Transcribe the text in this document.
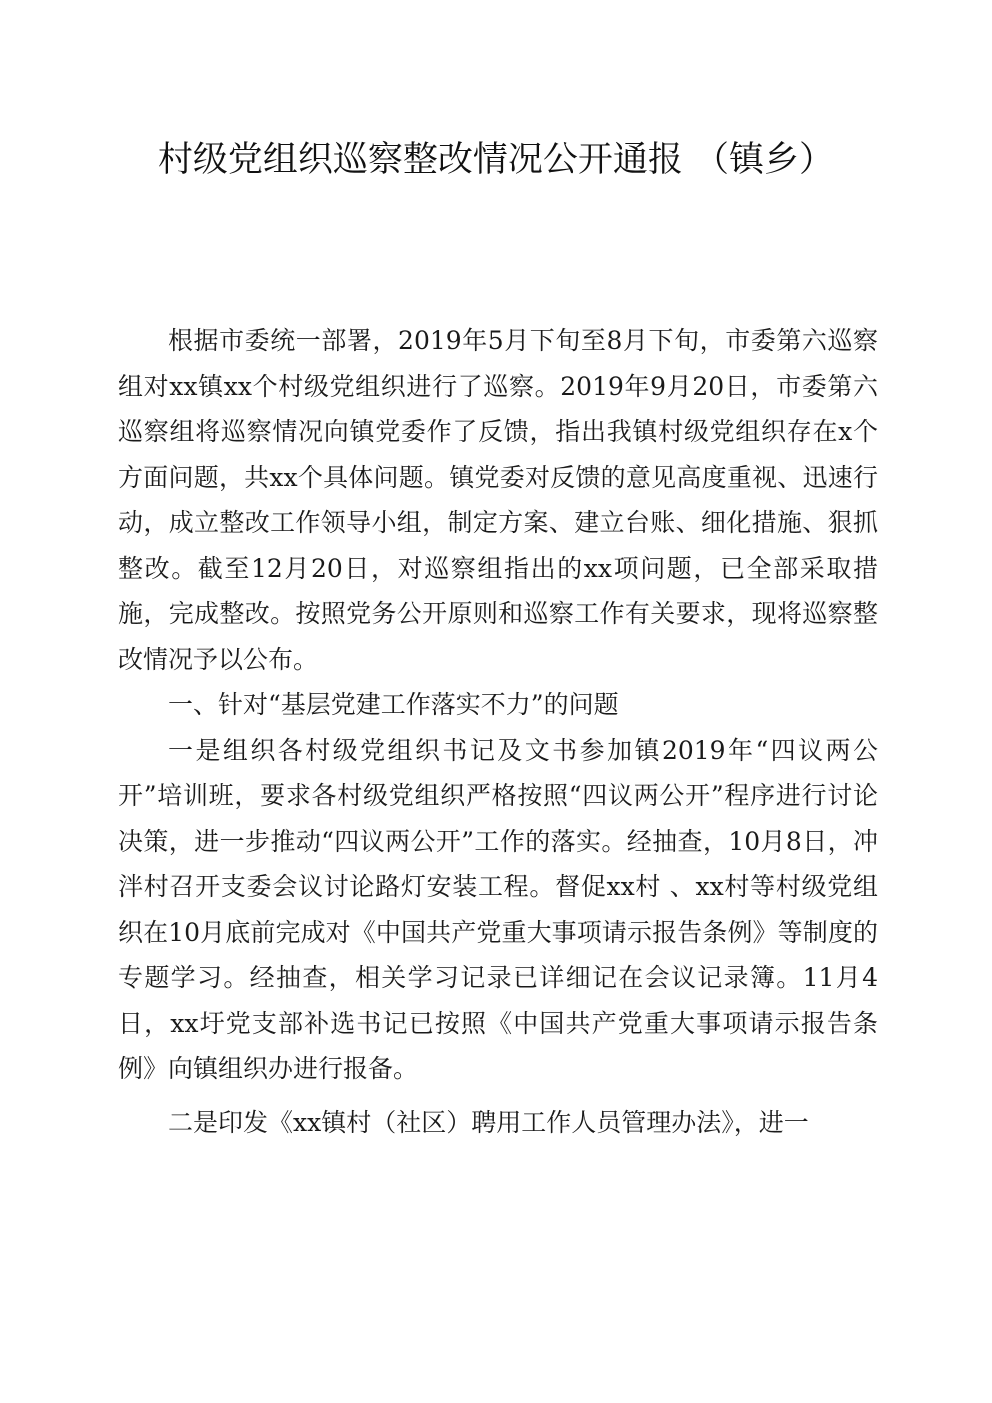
村级党组织巡察整改情况公开通报 （镇乡）

根据市委统一部署，2019年5月下旬至8月下旬，市委第六巡察组对xx镇xx个村级党组织进行了巡察。2019年9月20日，市委第六巡察组将巡察情况向镇党委作了反馈，指出我镇村级党组织存在x个方面问题，共xx个具体问题。镇党委对反馈的意见高度重视、迅速行动，成立整改工作领导小组，制定方案、建立台账、细化措施、狠抓整改。截至12月20日，对巡察组指出的xx项问题，已全部采取措施，完成整改。按照党务公开原则和巡察工作有关要求，现将巡察整改情况予以公布。

一、针对“基层党建工作落实不力”的问题

一是组织各村级党组织书记及文书参加镇2019年“四议两公开”培训班，要求各村级党组织严格按照“四议两公开”程序进行讨论决策，进一步推动“四议两公开”工作的落实。经抽查，10月8日，冲泮村召开支委会议讨论路灯安装工程。督促xx村 、xx村等村级党组织在10月底前完成对《中国共产党重大事项请示报告条例》等制度的专题学习。经抽查，相关学习记录已详细记在会议记录簿。11月4日，xx圩党支部补选书记已按照《中国共产党重大事项请示报告条例》向镇组织办进行报备。

二是印发《xx镇村（社区）聘用工作人员管理办法》，进一
